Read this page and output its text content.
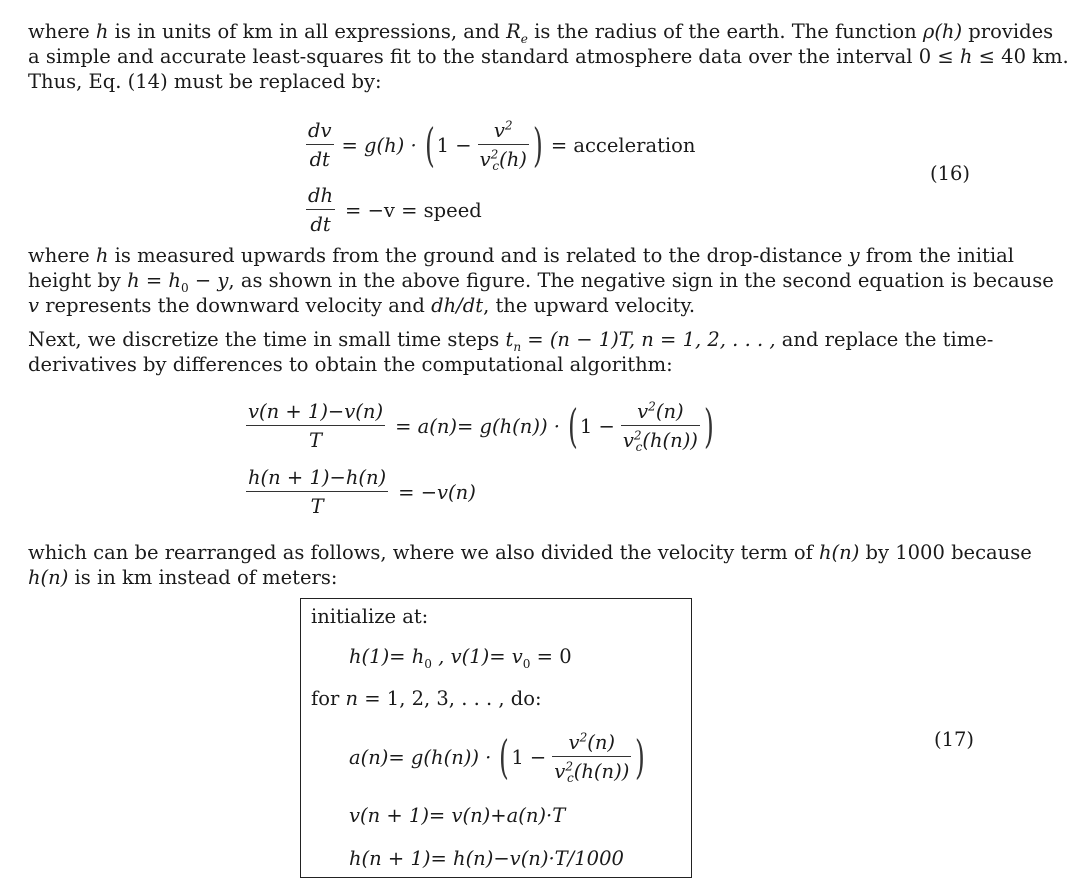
where h is in units of km in all expressions, and $R_e$ is the radius of the earth. The function ρ(h) provides
a simple and accurate least-squares fit to the standard atmosphere data over the interval 0 ≤ h ≤ 40 km.
Thus, Eq. (14) must be replaced by:
$\frac{dv}{dt} = g(h)$ · ( $1 - \frac{v^2}{v^2_c(h)}$ ) = acceleration
(16)
$\frac{dh}{dt} = -v$ = speed
where h is measured upwards from the ground and is related to the drop-distance y from the initial
height by $h = h_0 - y$, as shown in the above figure. The negative sign in the second equation is because
v represents the downward velocity and dh/dt, the upward velocity.
Next, we discretize the time in small time steps $t_n = (n - 1)T$, n = 1, 2, . . . , and replace the time-
derivatives by differences to obtain the computational algorithm:
$\frac{v(n + 1)-v(n)}{T} = a(n)= g(h(n))$ · ( $1 - \frac{v^2(n)}{v^2_c(h(n))}$ )
$\frac{h(n + 1)-h(n)}{T} = -v(n)$
which can be rearranged as follows, where we also divided the velocity term of h(n) by 1000 because
h(n) is in km instead of meters:
initialize at:
$h(1)= h_0$ , $v(1)= v_0 = 0$
for n = 1, 2, 3, . . . , do:
a(n)= g(h(n)) · ( $1 - \frac{v^2(n)}{v^2_c(h(n))}$ )
v(n + 1)= v(n)+a(n)·T
h(n + 1)= h(n)−v(n)·T/1000
(17)
